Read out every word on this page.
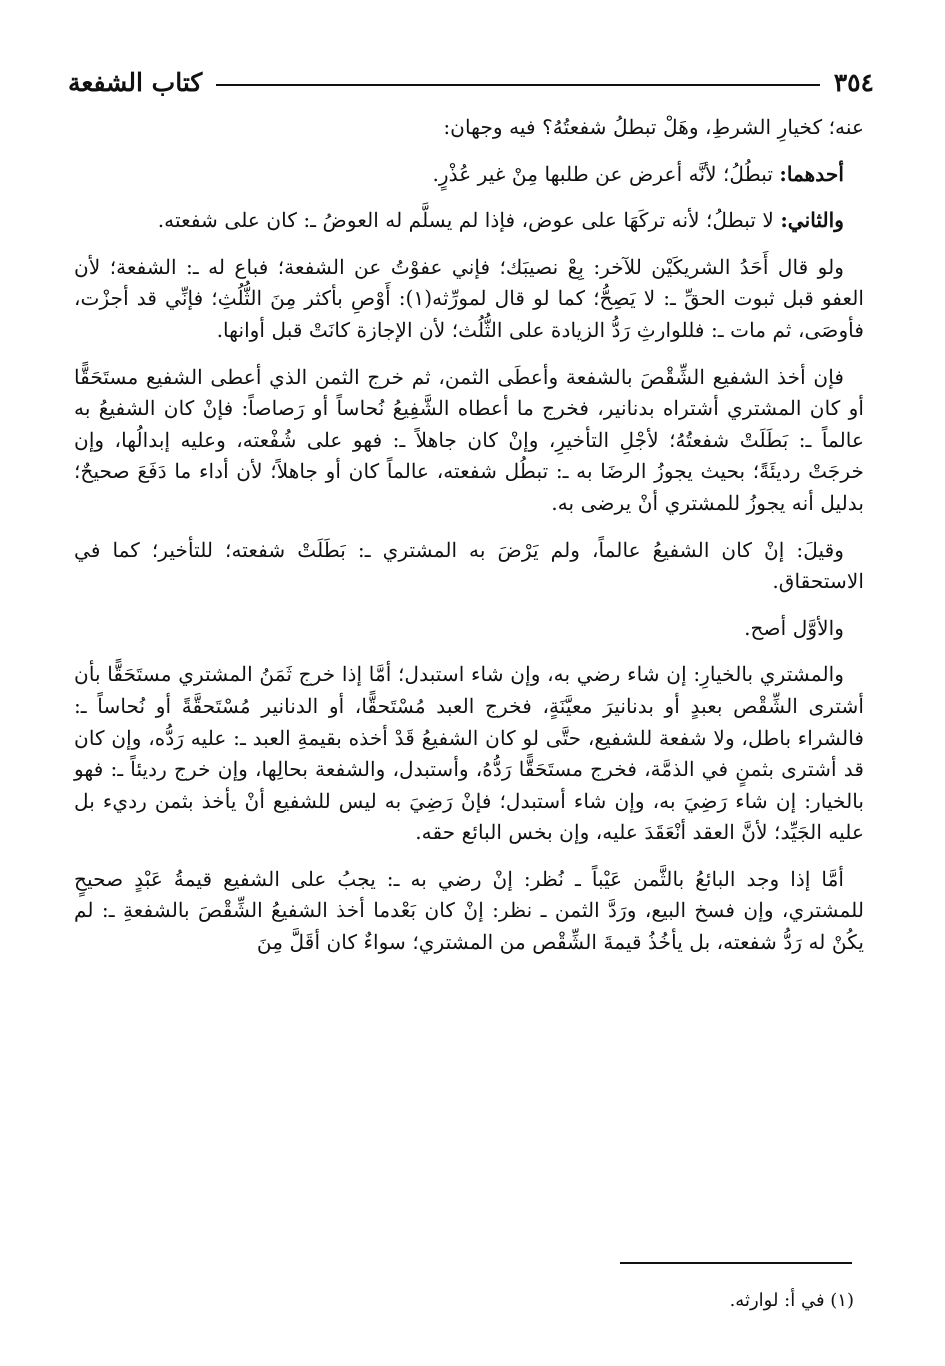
٣٥٤
كتاب الشفعة

عنه؛ كخيارِ الشرطِ، وهَلْ تبطلُ شفعتُهُ؟ فيه وجهان:

أحدهما: تبطُلُ؛ لأنَّه أعرض عن طلبها مِنْ غير عُذْرٍ.

والثاني: لا تبطلُ؛ لأنه تركَهَا على عوض، فإذا لم يسلَّم له العوضُ ـ: كان على شفعته.

ولو قال أَحَدُ الشريكَيْن للآخر: بِعْ نصيبَك؛ فإني عفوْتُ عن الشفعة؛ فباع له ـ: الشفعة؛ لأن العفو قبل ثبوت الحقِّ ـ: لا يَصِحُّ؛ كما لو قال لمورِّثه(١): أَوْصِ بأكثر مِنَ الثُّلُثِ؛ فإنِّي قد أجزْت، فأوصَى، ثم مات ـ: فللوارثِ رَدُّ الزيادة على الثُّلُث؛ لأن الإجازة كانَتْ قبل أوانها.

فإن أخذ الشفيع الشِّقْصَ بالشفعة وأعطَى الثمن، ثم خرج الثمن الذي أعطى الشفيع مستَحَقًّا أو كان المشتري أشتراه بدنانير، فخرج ما أعطاه الشَّفِيعُ نُحاساً أو رَصاصاً: فإنْ كان الشفيعُ به عالماً ـ: بَطَلَتْ شفعتُهُ؛ لأجْلِ التأخيرِ، وإنْ كان جاهلاً ـ: فهو على شُفْعته، وعليه إبدالُها، وإن خرجَتْ رديئَةً؛ بحيث يجوزُ الرضَا به ـ: تبطُل شفعته، عالماً كان أو جاهلاً؛ لأن أداء ما دَفَعَ صحيحٌ؛ بدليل أنه يجوزُ للمشتري أنْ يرضى به.

وقيلَ: إنْ كان الشفيعُ عالماً، ولم يَرْضَ به المشتري ـ: بَطَلَتْ شفعته؛ للتأخير؛ كما في الاستحقاق.

والأوَّل أصح.

والمشتري بالخيارِ: إن شاء رضي به، وإن شاء استبدل؛ أمَّا إذا خرج ثَمَنُ المشتري مستَحَقًّا بأن أشترى الشِّقْص بعبدٍ أو بدنانيرَ معيَّنَةٍ، فخرج العبد مُسْتَحقًّا، أو الدنانير مُسْتَحقَّةً أو نُحاساً ـ: فالشراء باطل، ولا شفعة للشفيع، حتَّى لو كان الشفيعُ قَدْ أخذه بقيمةِ العبد ـ: عليه رَدُّه، وإن كان قد أشترى بثمنٍ في الذمَّة، فخرج مستَحَقًّا رَدُّهُ، وأستبدل، والشفعة بحالِها، وإن خرج رديئاً ـ: فهو بالخيار: إن شاء رَضِيَ به، وإن شاء أستبدل؛ فإنْ رَضِيَ به ليس للشفيع أنْ يأخذ بثمن رديء بل عليه الجَيِّد؛ لأنَّ العقد أنْعَقَدَ عليه، وإن بخس البائع حقه.

أمَّا إذا وجد البائعُ بالثَّمن عَيْباً ـ نُظر: إنْ رضي به ـ: يجبُ على الشفيع قيمةُ عَبْدٍ صحيحٍ للمشتري، وإن فسخ البيع، ورَدَّ الثمن ـ نظر: إنْ كان بَعْدما أخذ الشفيعُ الشِّقْصَ بالشفعةِ ـ: لم يكُنْ له رَدُّ شفعته، بل يأخُذُ قيمةَ الشِّقْص من المشتري؛ سواءٌ كان أقَلَّ مِنَ

(١) في أ: لوارثه.
